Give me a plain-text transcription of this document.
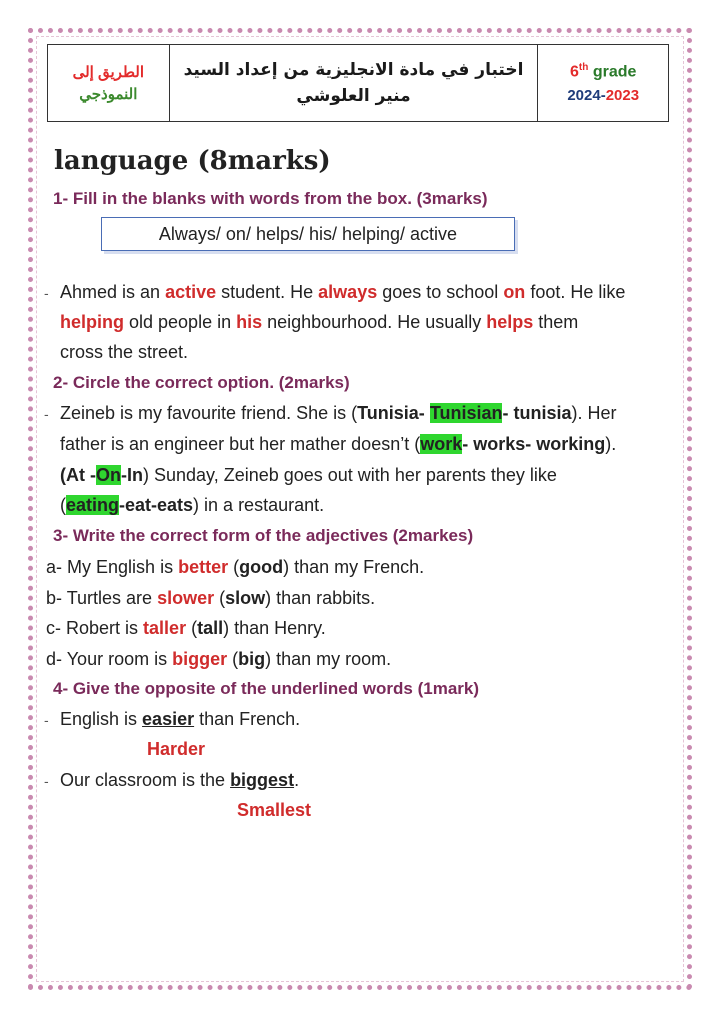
الطريق إلى
النموذجي
اختبار في مادة الانجليزية من إعداد السيد
منير العلوشي
6th grade
2024-2023
language (8marks)
1- Fill in the blanks with words from the box. (3marks)
Always/ on/ helps/ his/ helping/ active
- Ahmed is an active student. He always goes to school on foot. He like
helping old people in his neighbourhood. He usually helps them
cross the street.
2- Circle the correct option. (2marks)
- Zeineb is my favourite friend. She is (Tunisia- Tunisian- tunisia). Her
father is an engineer but her mather doesn’t (work- works- working).
(At -On-In) Sunday, Zeineb goes out with her parents they like
(eating-eat-eats) in a restaurant.
3- Write the correct form of the adjectives (2markes)
a- My English is better (good) than my French.
b- Turtles are slower (slow) than rabbits.
c- Robert is taller (tall) than Henry.
d- Your room is bigger (big) than my room.
4- Give the opposite of the underlined words (1mark)
- English is easier than French.
Harder
- Our classroom is the biggest.
Smallest
